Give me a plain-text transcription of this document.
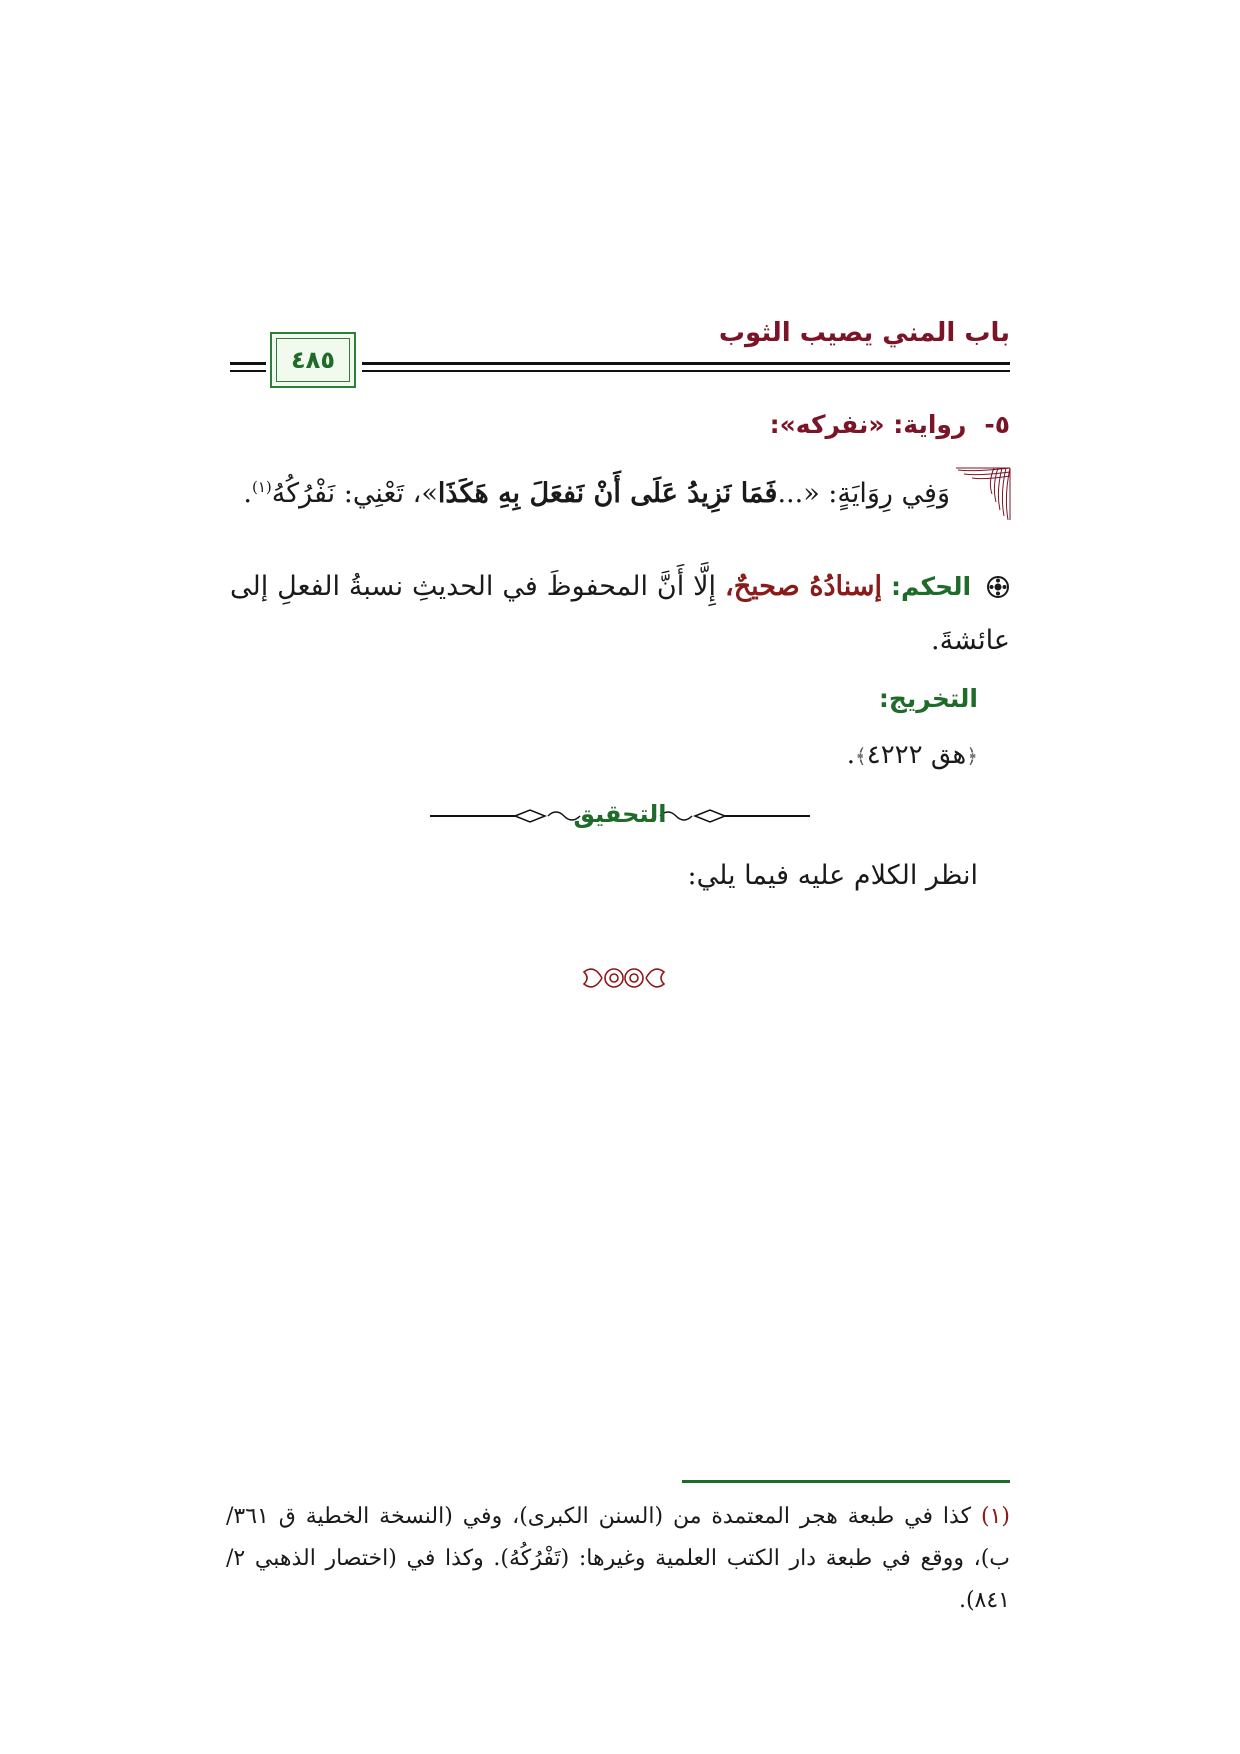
باب المني يصيب الثوب
٤٨٥
٥-رواية: «نفركه»:
وَفِي رِوَايَةٍ: «...فَمَا نَزِيدُ عَلَى أَنْ نَفعَلَ بِهِ هَكَذَا»، تَعْنِي: نَفْرُكُهُ$^{(١)}$.
الحكم: إسنادُهُ صحيحٌ، إِلَّا أَنَّ المحفوظَ في الحديثِ نسبةُ الفعلِ إلى عائشةَ.
التخريج:
﴿هق ٤٢٢٢﴾.
التحقيق
انظر الكلام عليه فيما يلي:
(١) كذا في طبعة هجر المعتمدة من (السنن الكبرى)، وفي (النسخة الخطية ق ٣٦١/ ب)، ووقع في طبعة دار الكتب العلمية وغيرها: (تَفْرُكُهُ). وكذا في (اختصار الذهبي ٢/ ٨٤١).
